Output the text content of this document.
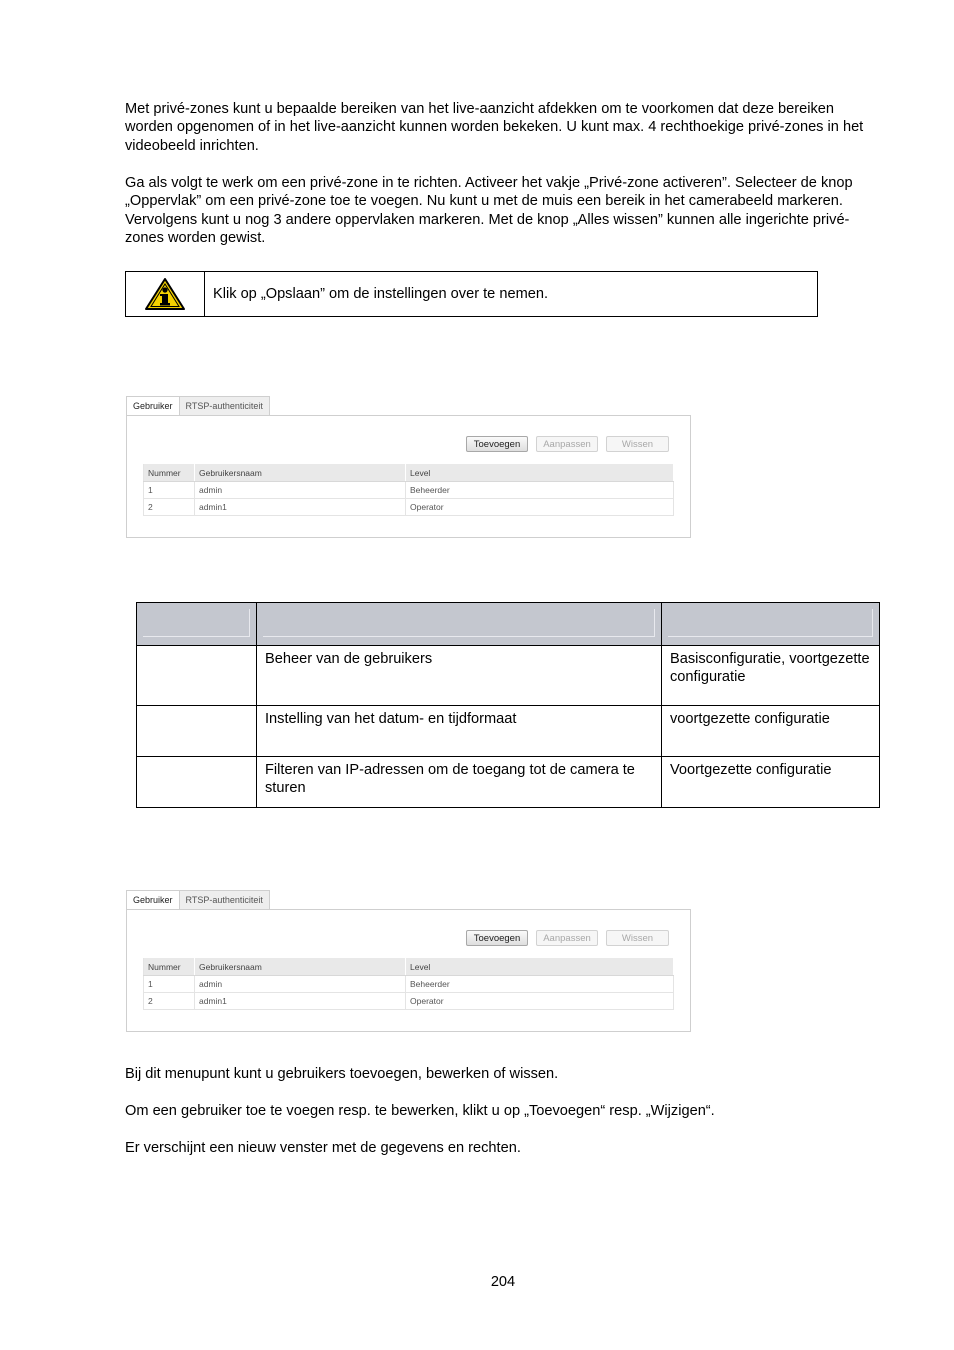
Met privé-zones kunt u bepaalde bereiken van het live-aanzicht afdekken om te voorkomen dat deze bereiken worden opgenomen of in het live-aanzicht kunnen worden bekeken. U kunt max. 4 rechthoekige privé-zones in het videobeeld inrichten.

Ga als volgt te werk om een privé-zone in te richten. Activeer het vakje „Privé-zone activeren”. Selecteer de knop „Oppervlak” om een privé-zone toe te voegen. Nu kunt u met de muis een bereik in het camerabeeld markeren. Vervolgens kunt u nog 3 andere oppervlaken markeren. Met de knop „Alles wissen” kunnen alle ingerichte privé-zones worden gewist.

Klik op „Opslaan” om de instellingen over te nemen.
Gebruiker	RTSP-authenticiteit
Toevoegen	Aanpassen	Wissen
Nummer	Gebruikersnaam	Level
1	admin	Beheerder
2	admin1	Operator

	Beheer van de gebruikers	Basisconfiguratie, voortgezette configuratie
	Instelling van het datum- en tijdformaat	voortgezette configuratie
	Filteren van IP-adressen om de toegang tot de camera te sturen	Voortgezette configuratie
Gebruiker	RTSP-authenticiteit
Toevoegen	Aanpassen	Wissen
Nummer	Gebruikersnaam	Level
1	admin	Beheerder
2	admin1	Operator

Bij dit menupunt kunt u gebruikers toevoegen, bewerken of wissen.

Om een gebruiker toe te voegen resp. te bewerken, klikt u op „Toevoegen“ resp. „Wijzigen“.

Er verschijnt een nieuw venster met de gegevens en rechten.

204
